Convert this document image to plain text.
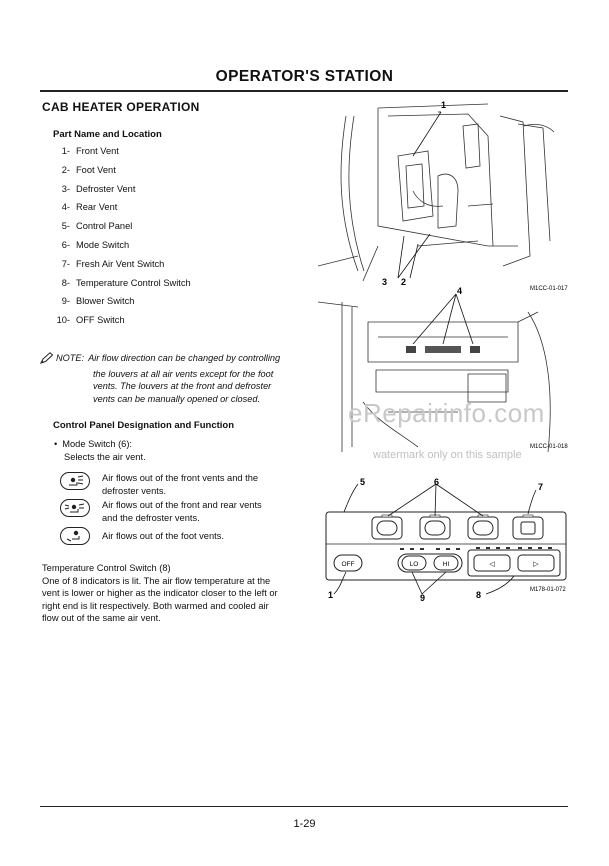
OPERATOR'S STATION
CAB HEATER OPERATION
Part Name and Location
1- Front Vent
2- Foot Vent
3- Defroster Vent
4- Rear Vent
5- Control Panel
6- Mode Switch
7- Fresh Air Vent Switch
8- Temperature Control Switch
9- Blower Switch
10- OFF Switch
NOTE: Air flow direction can be changed by controlling
the louvers at all air vents except for the foot
vents. The louvers at the front and defroster
vents can be manually opened or closed.
Control Panel Designation and Function
• Mode Switch (6):
Selects the air vent.
Air flows out of the front vents and the
defroster vents.
Air flows out of the front and rear vents
and the defroster vents.
Air flows out of the foot vents.
Temperature Control Switch (8)
One of 8 indicators is lit. The air flow temperature at the
vent is lower or higher as the indicator closer to the left or
right end is lit respectively. Both warmed and cooled air
flow out of the same air vent.
1
3 2
M1CC-01-017
4
M1CC-01-018
eRepairinfo.com
watermark only on this sample
OFF	LO	HI	◁	▷
5	6	7
1	9	8	M178-01-072
1-29
